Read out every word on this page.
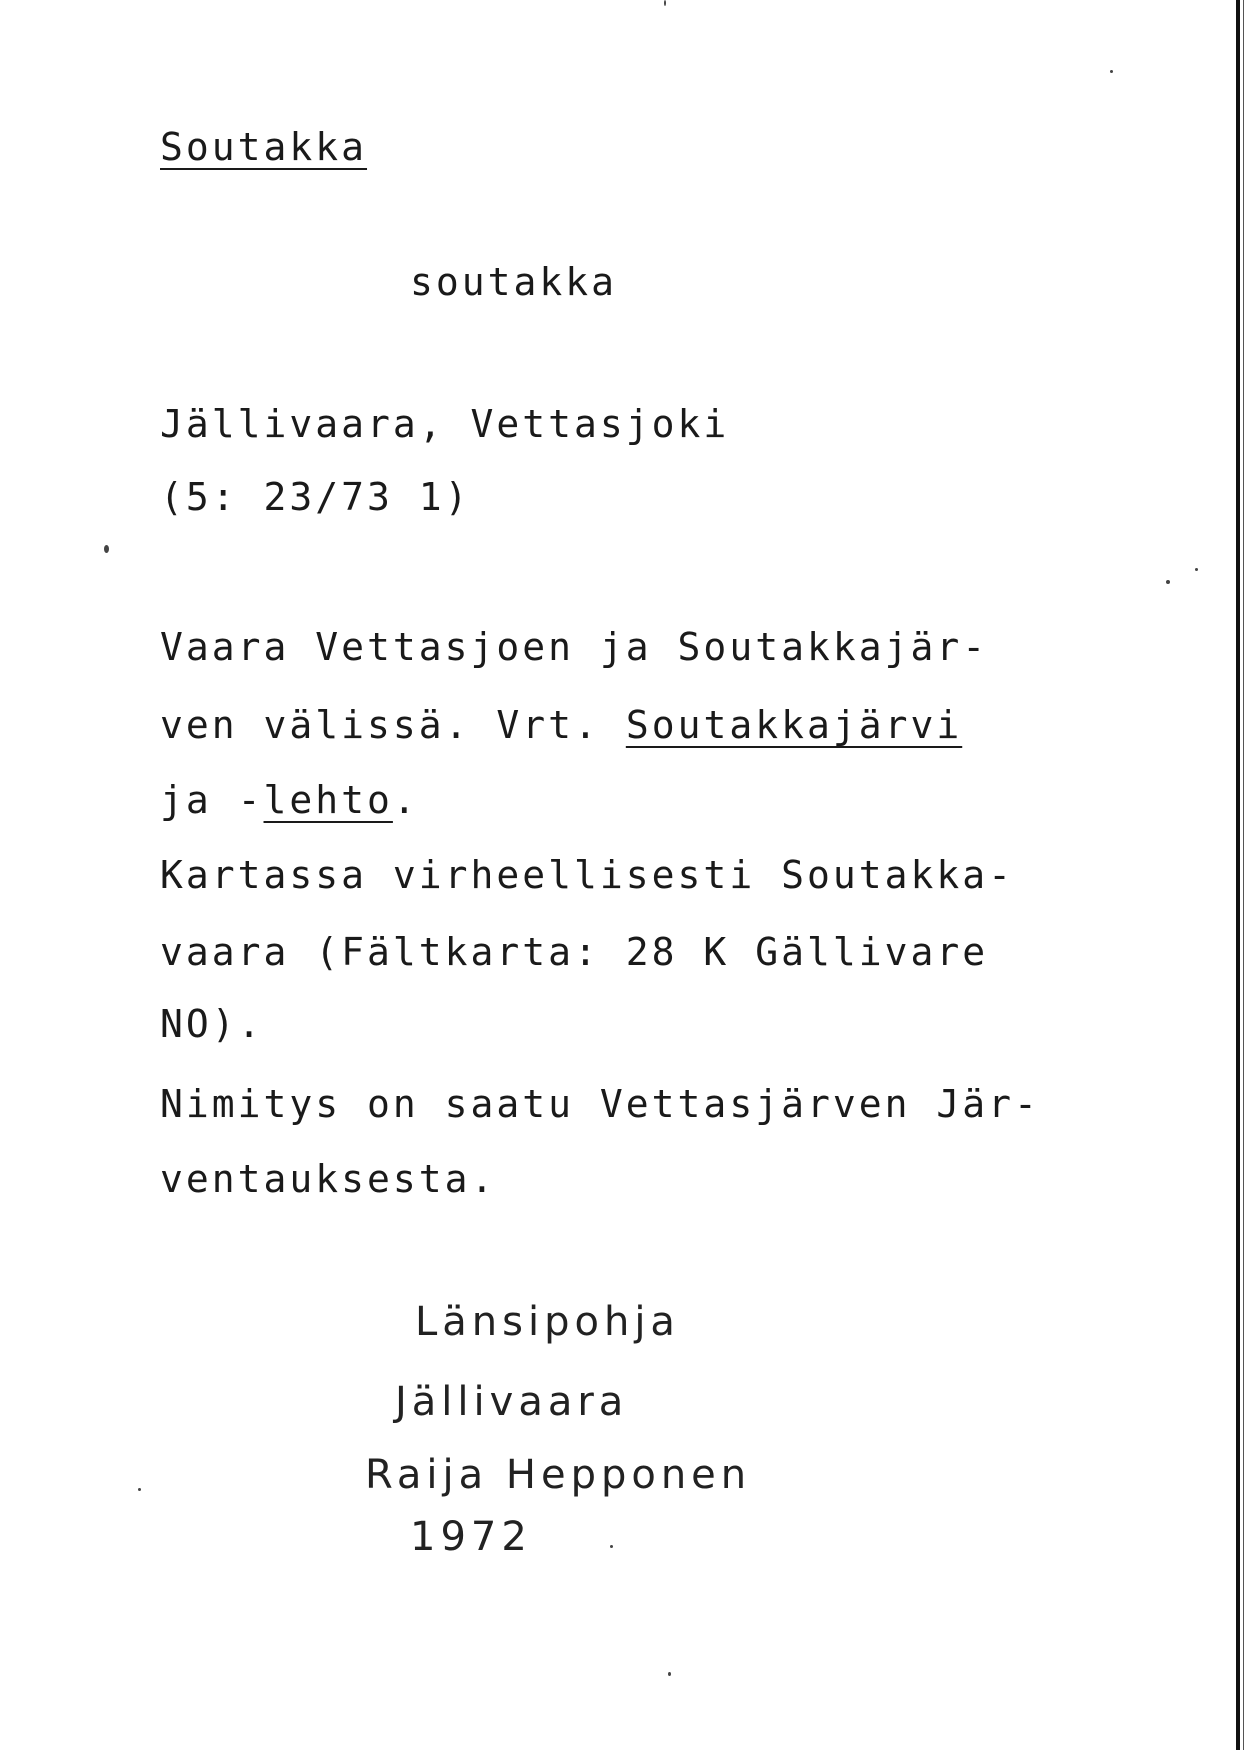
Soutakka
soutakka
Jällivaara, Vettasjoki
(5: 23/73 1)
Vaara Vettasjoen ja Soutakkajär-
ven välissä. Vrt. Soutakkajärvi
ja -lehto.
Kartassa virheellisesti Soutakka-
vaara (Fältkarta: 28 K Gällivare
NO).
Nimitys on saatu Vettasjärven Jär-
ventauksesta.
Länsipohja
Jällivaara
Raija Hepponen
1972
